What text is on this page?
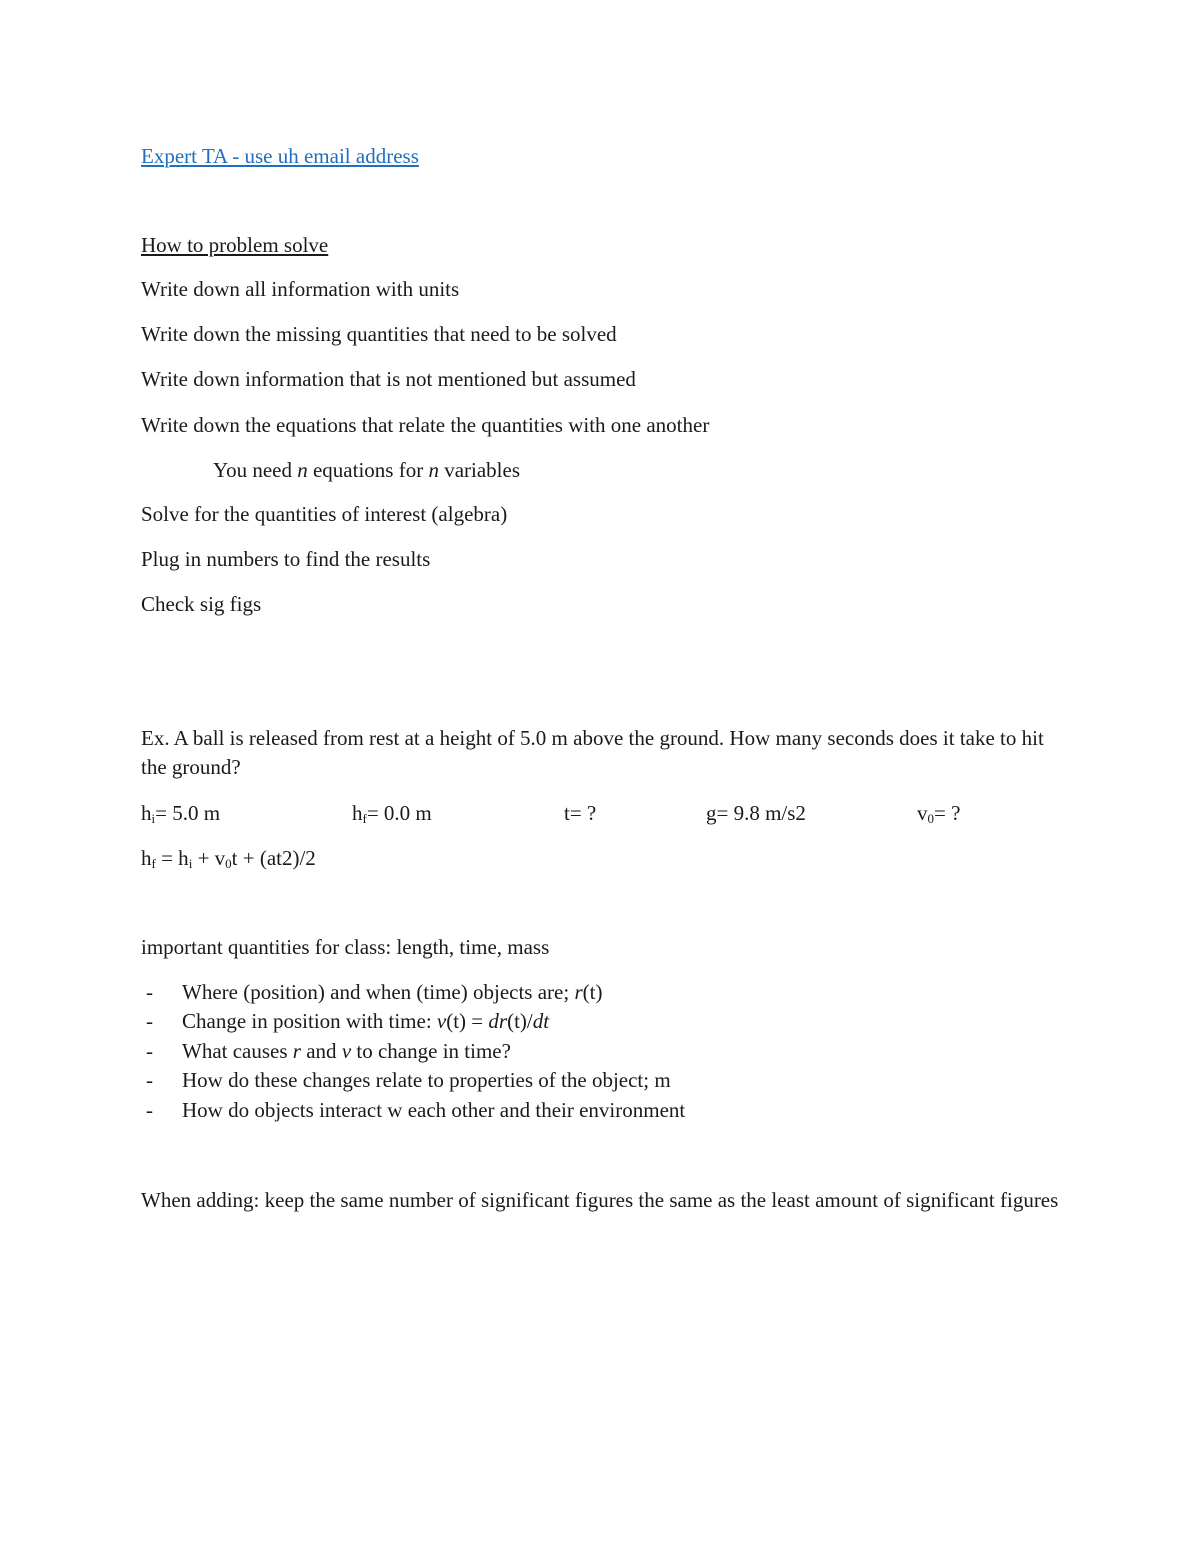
Expert TA - use uh email address
How to problem solve
Write down all information with units
Write down the missing quantities that need to be solved
Write down information that is not mentioned but assumed
Write down the equations that relate the quantities with one another
You need n equations for n variables
Solve for the quantities of interest (algebra)
Plug in numbers to find the results
Check sig figs
Ex. A ball is released from rest at a height of 5.0 m above the ground. How many seconds does it take to hit the ground?
$h_i= 5.0$ m	$h_f= 0.0$ m	t= ?	g= 9.8 m/s2	$v_0=$ ?
$h_f = h_i + v_0t + (at2)/2$
important quantities for class: length, time, mass
- Where (position) and when (time) objects are; r(t)
- Change in position with time: v(t) = dr(t)/dt
- What causes r and v to change in time?
- How do these changes relate to properties of the object; m
- How do objects interact w each other and their environment
When adding: keep the same number of significant figures the same as the least amount of significant figures
